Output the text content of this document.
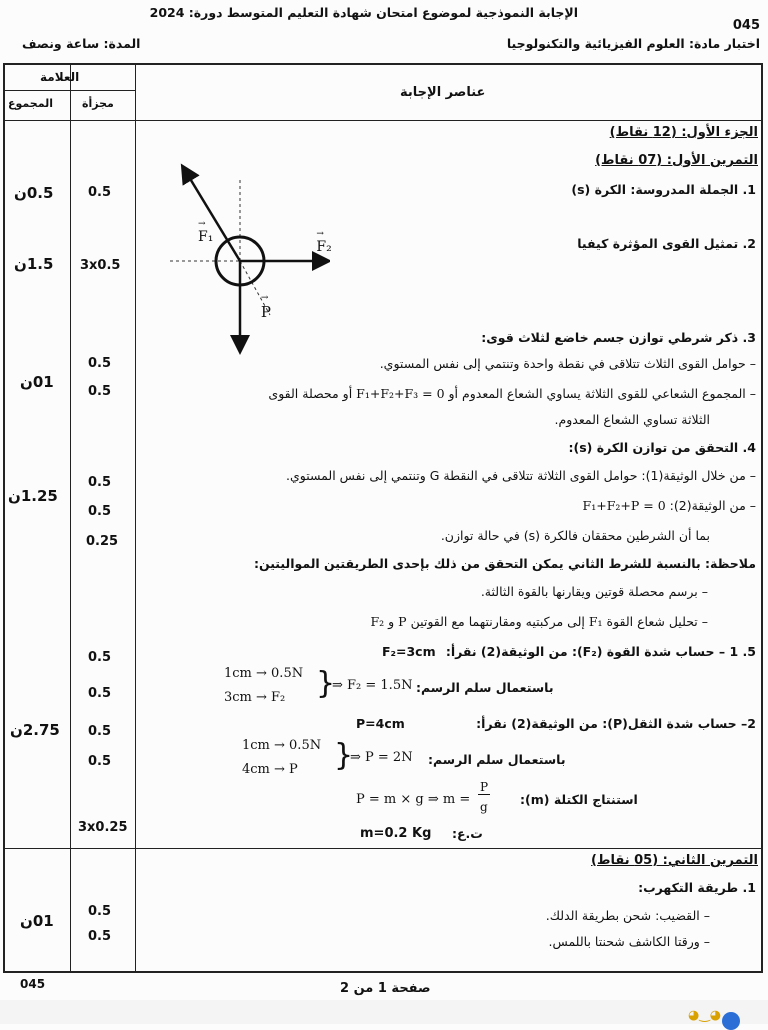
الإجابة النموذجية لموضوع امتحان شهادة التعليم المتوسط دورة: 2024
045
اختبار مادة: العلوم الفيزيائية والتكنولوجيا
المدة: ساعة ونصف
العلامة
المجموع	مجزأة
عناصر الإجابة
0.5ن
1.5ن
01ن
1.25ن
2.75ن
01ن
0.5
3x0.5
0.5
0.5
0.5
0.5
0.25
0.5
0.5
0.5
0.5
3x0.25
0.5
0.5
الجزء الأول: (12 نقاط)
التمرين الأول: (07 نقاط)
1. الجملة المدروسة: الكرة (s)
2. تمثيل القوى المؤثرة كيفيا
→ F₁ → F₂ → P
3. ذكر شرطي توازن جسم خاضع لثلاث قوى:
– حوامل القوى الثلاث تتلاقى في نقطة واحدة وتنتمي إلى نفس المستوي.
– المجموع الشعاعي للقوى الثلاثة يساوي الشعاع المعدوم أو F₁+F₂+F₃ = 0 أو محصلة القوى
الثلاثة تساوي الشعاع المعدوم.
4. التحقق من توازن الكرة (s):
– من خلال الوثيقة(1): حوامل القوى الثلاثة تتلاقى في النقطة G وتنتمي إلى نفس المستوي.
– من الوثيقة(2): F₁+F₂+P = 0
بما أن الشرطين محققان فالكرة (s) في حالة توازن.
ملاحظة: بالنسبة للشرط الثاني يمكن التحقق من ذلك بإحدى الطريقتين المواليتين:
– برسم محصلة قوتين ويقارنها بالقوة الثالثة.
– تحليل شعاع القوة F₁ إلى مركبتيه ومقارنتهما مع القوتين P و F₂
5. 1 – حساب شدة القوة (F₂): من الوثيقة(2) نقرأ:
F₂=3cm
1cm → 0.5N
3cm → F₂ }
⇒ F₂ = 1.5N باستعمال سلم الرسم:
2– حساب شدة الثقل(P): من الوثيقة(2) نقرأ:
P=4cm
1cm → 0.5N
4cm → P }
⇒ P = 2N باستعمال سلم الرسم:
استنتاج الكتلة (m):
P = m × g ⇒ m =
P
g
m=0.2 Kg ت.ع:
التمرين الثاني: (05 نقاط)
1. طريقة التكهرب:
– القضيب: شحن بطريقة الدلك.
– ورقتا الكاشف شحنتا باللمس.
045	صفحة 1 من 2
◕‿◕
